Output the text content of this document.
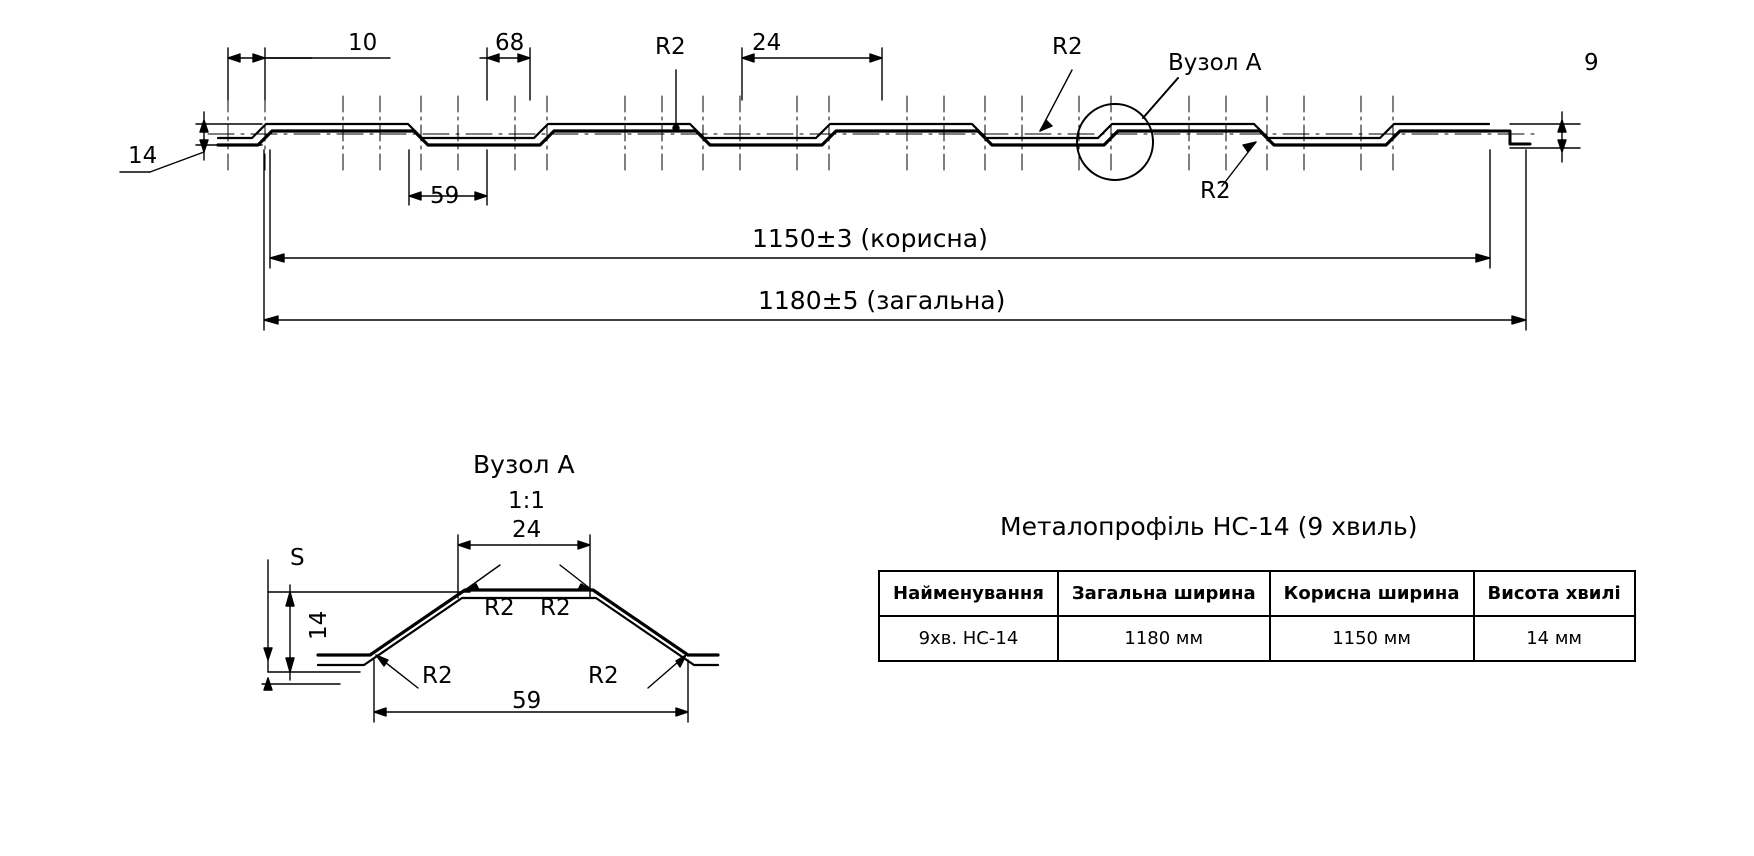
10	68	R2	24	R2
Вузол А
R2
9
14
59
1150±3 (корисна)
1180±5 (загальна)
Вузол А
1:1
24
59
14
S
R2 R2
R2	R2
Металопрофіль НС-14 (9 хвиль)
Найменування	Загальна ширина	Корисна ширина	Висота хвилі
9хв. НС-14	1180 мм	1150 мм	14 мм
